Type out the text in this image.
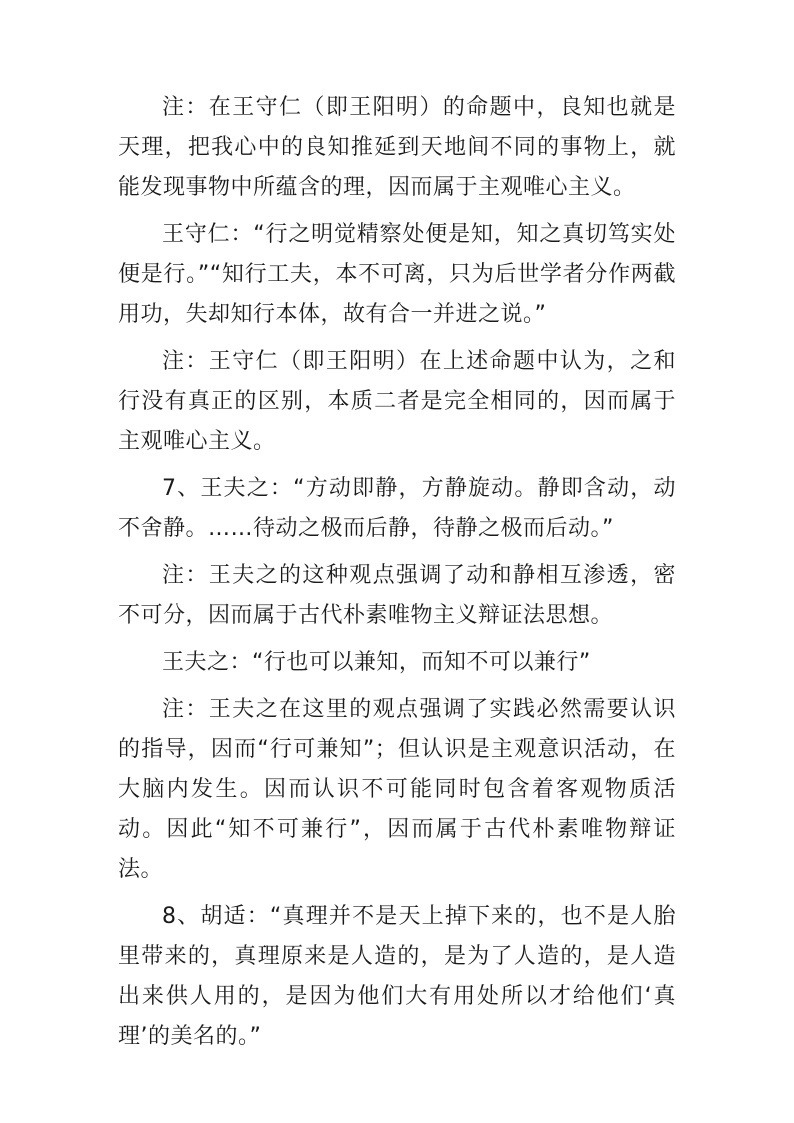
注：在王守仁（即王阳明）的命题中，良知也就是天理，把我心中的良知推延到天地间不同的事物上，就能发现事物中所蕴含的理，因而属于主观唯心主义。

王守仁：“行之明觉精察处便是知，知之真切笃实处便是行。”“知行工夫，本不可离，只为后世学者分作两截用功，失却知行本体，故有合一并进之说。”

注：王守仁（即王阳明）在上述命题中认为，之和行没有真正的区别，本质二者是完全相同的，因而属于主观唯心主义。

7、王夫之：“方动即静，方静旋动。静即含动，动不舍静。……待动之极而后静，待静之极而后动。”

注：王夫之的这种观点强调了动和静相互渗透，密不可分，因而属于古代朴素唯物主义辩证法思想。

王夫之：“行也可以兼知，而知不可以兼行”

注：王夫之在这里的观点强调了实践必然需要认识的指导，因而“行可兼知”；但认识是主观意识活动，在大脑内发生。因而认识不可能同时包含着客观物质活动。因此“知不可兼行”，因而属于古代朴素唯物辩证法。

8、胡适：“真理并不是天上掉下来的，也不是人胎里带来的，真理原来是人造的，是为了人造的，是人造出来供人用的，是因为他们大有用处所以才给他们‘真理’的美名的。”
